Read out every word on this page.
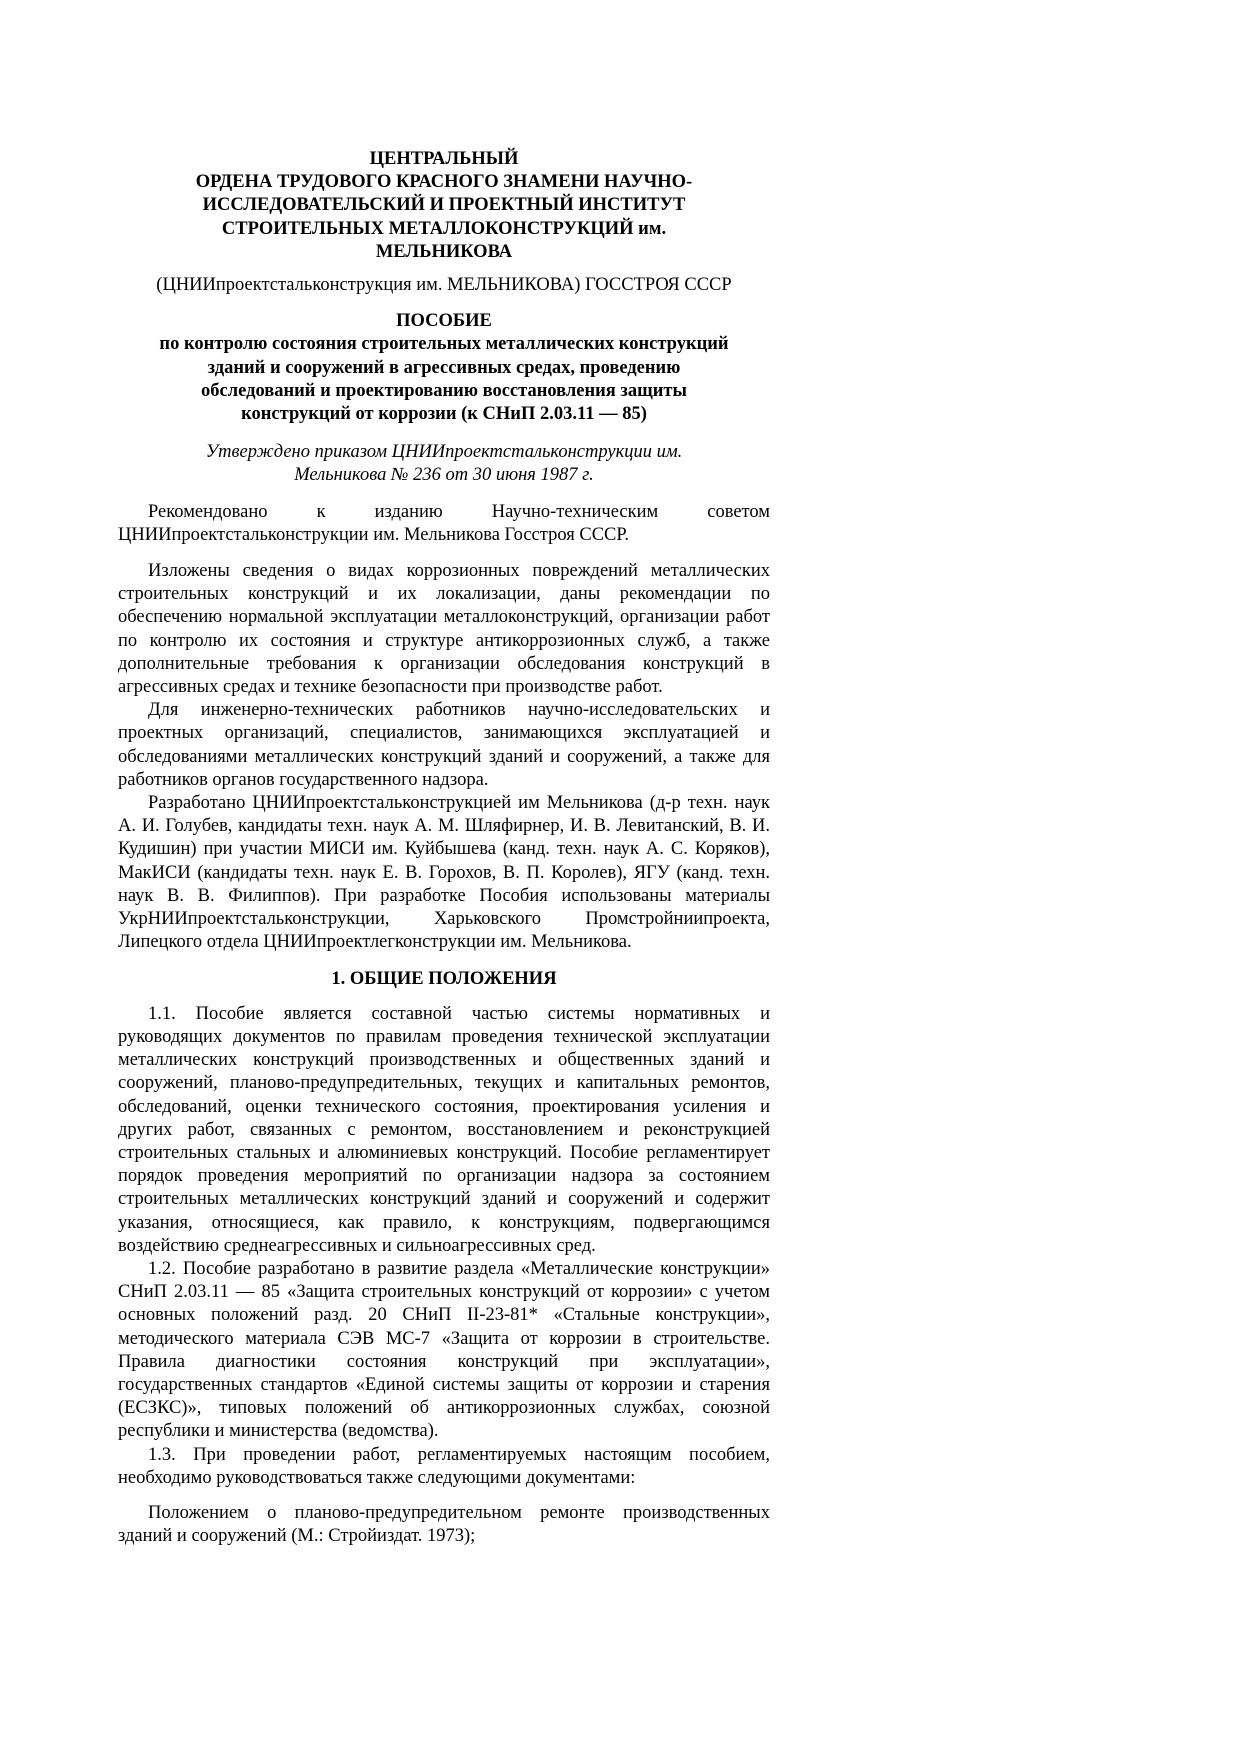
ЦЕНТРАЛЬНЫЙ
ОРДЕНА ТРУДОВОГО КРАСНОГО ЗНАМЕНИ НАУЧНО-
ИССЛЕДОВАТЕЛЬСКИЙ И ПРОЕКТНЫЙ ИНСТИТУТ
СТРОИТЕЛЬНЫХ МЕТАЛЛОКОНСТРУКЦИЙ им.
МЕЛЬНИКОВА

(ЦНИИпроектстальконструкция им. МЕЛЬНИКОВА) ГОССТРОЯ СССР

ПОСОБИЕ
по контролю состояния строительных металлических конструкций
зданий и сооружений в агрессивных средах, проведению
обследований и проектированию восстановления защиты
конструкций от коррозии (к СНиП 2.03.11 — 85)
Утверждено приказом ЦНИИпроектстальконструкции им.
Мельникова № 236 от 30 июня 1987 г.

Рекомендовано к изданию Научно-техническим советом ЦНИИпроектстальконструкции им. Мельникова Госстроя СССР.

Изложены сведения о видах коррозионных повреждений металлических строительных конструкций и их локализации, даны рекомендации по обеспечению нормальной эксплуатации металлоконструкций, организации работ по контролю их состояния и структуре антикоррозионных служб, а также дополнительные требования к организации обследования конструкций в агрессивных средах и технике безопасности при производстве работ.

Для инженерно-технических работников научно-исследовательских и проектных организаций, специалистов, занимающихся эксплуатацией и обследованиями металлических конструкций зданий и сооружений, а также для работников органов государственного надзора.

Разработано ЦНИИпроектстальконструкцией им Мельникова (д-р техн. наук А. И. Голубев, кандидаты техн. наук А. М. Шляфирнер, И. В. Левитанский, В. И. Кудишин) при участии МИСИ им. Куйбышева (канд. техн. наук А. С. Коряков), МакИСИ (кандидаты техн. наук Е. В. Горохов, В. П. Королев), ЯГУ (канд. техн. наук В. В. Филиппов). При разработке Пособия использованы материалы УкрНИИпроектстальконструкции, Харьковского Промстройниипроекта, Липецкого отдела ЦНИИпроектлегконструкции им. Мельникова.

1. ОБЩИЕ ПОЛОЖЕНИЯ

1.1. Пособие является составной частью системы нормативных и руководящих документов по правилам проведения технической эксплуатации металлических конструкций производственных и общественных зданий и сооружений, планово-предупредительных, текущих и капитальных ремонтов, обследований, оценки технического состояния, проектирования усиления и других работ, связанных с ремонтом, восстановлением и реконструкцией строительных стальных и алюминиевых конструкций. Пособие регламентирует порядок проведения мероприятий по организации надзора за состоянием строительных металлических конструкций зданий и сооружений и содержит указания, относящиеся, как правило, к конструкциям, подвергающимся воздействию среднеагрессивных и сильноагрессивных сред.

1.2. Пособие разработано в развитие раздела «Металлические конструкции» СНиП 2.03.11 — 85 «Защита строительных конструкций от коррозии» с учетом основных положений разд. 20 СНиП II-23-81* «Стальные конструкции», методического материала СЭВ МС-7 «Защита от коррозии в строительстве. Правила диагностики состояния конструкций при эксплуатации», государственных стандартов «Единой системы защиты от коррозии и старения (ЕСЗКС)», типовых положений об антикоррозионных службах, союзной республики и министерства (ведомства).

1.3. При проведении работ, регламентируемых настоящим пособием, необходимо руководствоваться также следующими документами:

Положением о планово-предупредительном ремонте производственных зданий и сооружений (М.: Стройиздат. 1973);
